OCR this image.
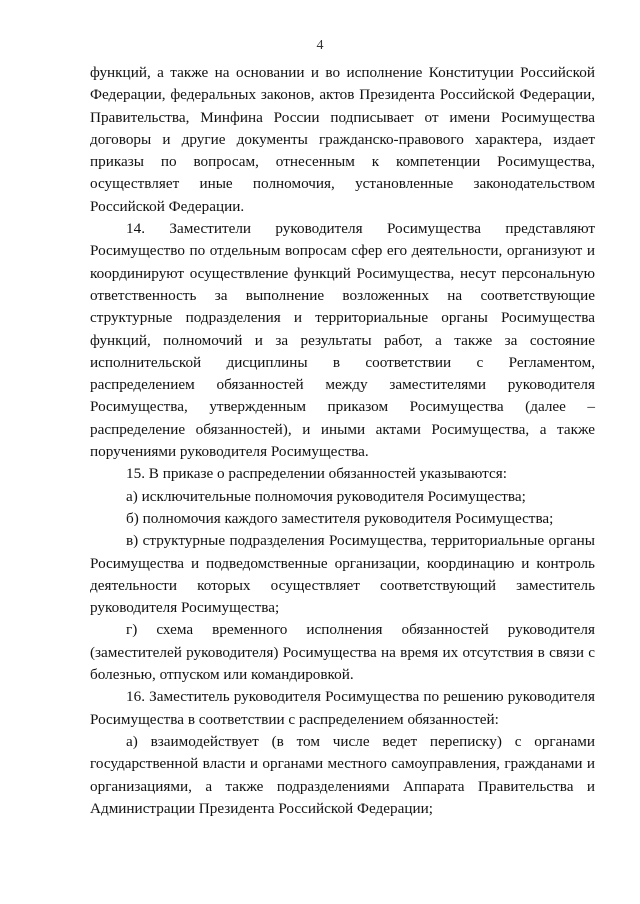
4

функций, а также на основании и во исполнение Конституции Российской Федерации, федеральных законов, актов Президента Российской Федерации, Правительства, Минфина России подписывает от имени Росимущества договоры и другие документы гражданско-правового характера, издает приказы по вопросам, отнесенным к компетенции Росимущества, осуществляет иные полномочия, установленные законодательством Российской Федерации.

14. Заместители руководителя Росимущества представляют Росимущество по отдельным вопросам сфер его деятельности, организуют и координируют осуществление функций Росимущества, несут персональную ответственность за выполнение возложенных на соответствующие структурные подразделения и территориальные органы Росимущества функций, полномочий и за результаты работ, а также за состояние исполнительской дисциплины в соответствии с Регламентом, распределением обязанностей между заместителями руководителя Росимущества, утвержденным приказом Росимущества (далее – распределение обязанностей), и иными актами Росимущества, а также поручениями руководителя Росимущества.

15. В приказе о распределении обязанностей указываются:

а) исключительные полномочия руководителя Росимущества;

б) полномочия каждого заместителя руководителя Росимущества;

в) структурные подразделения Росимущества, территориальные органы Росимущества и подведомственные организации, координацию и контроль деятельности которых осуществляет соответствующий заместитель руководителя Росимущества;

г) схема временного исполнения обязанностей руководителя (заместителей руководителя) Росимущества на время их отсутствия в связи с болезнью, отпуском или командировкой.

16. Заместитель руководителя Росимущества по решению руководителя Росимущества в соответствии с распределением обязанностей:

а) взаимодействует (в том числе ведет переписку) с органами государственной власти и органами местного самоуправления, гражданами и организациями, а также подразделениями Аппарата Правительства и Администрации Президента Российской Федерации;
